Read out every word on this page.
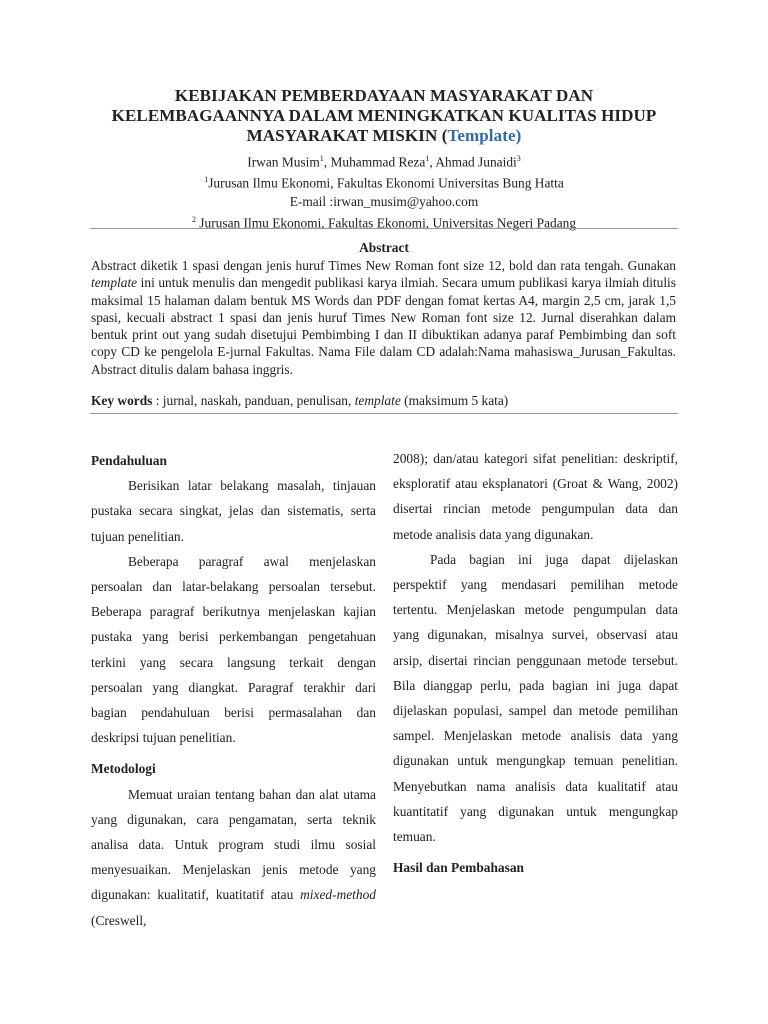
KEBIJAKAN PEMBERDAYAAN MASYARAKAT DAN
KELEMBAGAANNYA DALAM MENINGKATKAN KUALITAS HIDUP
MASYARAKAT MISKIN (Template)
Irwan Musim$^1$, Muhammad Reza$^1$, Ahmad Junaidi$^3$
$^1$Jurusan Ilmu Ekonomi, Fakultas Ekonomi Universitas Bung Hatta
E-mail :irwan_musim@yahoo.com
$^2$ Jurusan Ilmu Ekonomi, Fakultas Ekonomi, Universitas Negeri Padang
Abstract
Abstract diketik 1 spasi dengan jenis huruf Times New Roman font size 12, bold dan rata tengah. Gunakan template ini untuk menulis dan mengedit publikasi karya ilmiah. Secara umum publikasi karya ilmiah ditulis maksimal 15 halaman dalam bentuk MS Words dan PDF dengan fomat kertas A4, margin 2,5 cm, jarak 1,5 spasi, kecuali abstract 1 spasi dan jenis huruf Times New Roman font size 12. Jurnal diserahkan dalam bentuk print out yang sudah disetujui Pembimbing I dan II dibuktikan adanya paraf Pembimbing dan soft copy CD ke pengelola E-jurnal Fakultas. Nama File dalam CD adalah:Nama mahasiswa_Jurusan_Fakultas. Abstract ditulis dalam bahasa inggris.
Key words : jurnal, naskah, panduan, penulisan, template (maksimum 5 kata)
Pendahuluan

Berisikan latar belakang masalah, tinjauan pustaka secara singkat, jelas dan sistematis, serta tujuan penelitian.

Beberapa paragraf awal menjelaskan persoalan dan latar-belakang persoalan tersebut. Beberapa paragraf berikutnya menjelaskan kajian pustaka yang berisi perkembangan pengetahuan terkini yang secara langsung terkait dengan persoalan yang diangkat. Paragraf terakhir dari bagian pendahuluan berisi permasalahan dan deskripsi tujuan penelitian.

Metodologi

Memuat uraian tentang bahan dan alat utama yang digunakan, cara pengamatan, serta teknik analisa data. Untuk program studi ilmu sosial menyesuaikan. Menjelaskan jenis metode yang digunakan: kualitatif, kuatitatif atau mixed-method (Creswell,

2008); dan/atau kategori sifat penelitian: deskriptif, eksploratif atau eksplanatori (Groat & Wang, 2002) disertai rincian metode pengumpulan data dan metode analisis data yang digunakan.

Pada bagian ini juga dapat dijelaskan perspektif yang mendasari pemilihan metode tertentu. Menjelaskan metode pengumpulan data yang digunakan, misalnya survei, observasi atau arsip, disertai rincian penggunaan metode tersebut. Bila dianggap perlu, pada bagian ini juga dapat dijelaskan populasi, sampel dan metode pemilihan sampel. Menjelaskan metode analisis data yang digunakan untuk mengungkap temuan penelitian. Menyebutkan nama analisis data kualitatif atau kuantitatif yang digunakan untuk mengungkap temuan.

Hasil dan Pembahasan
